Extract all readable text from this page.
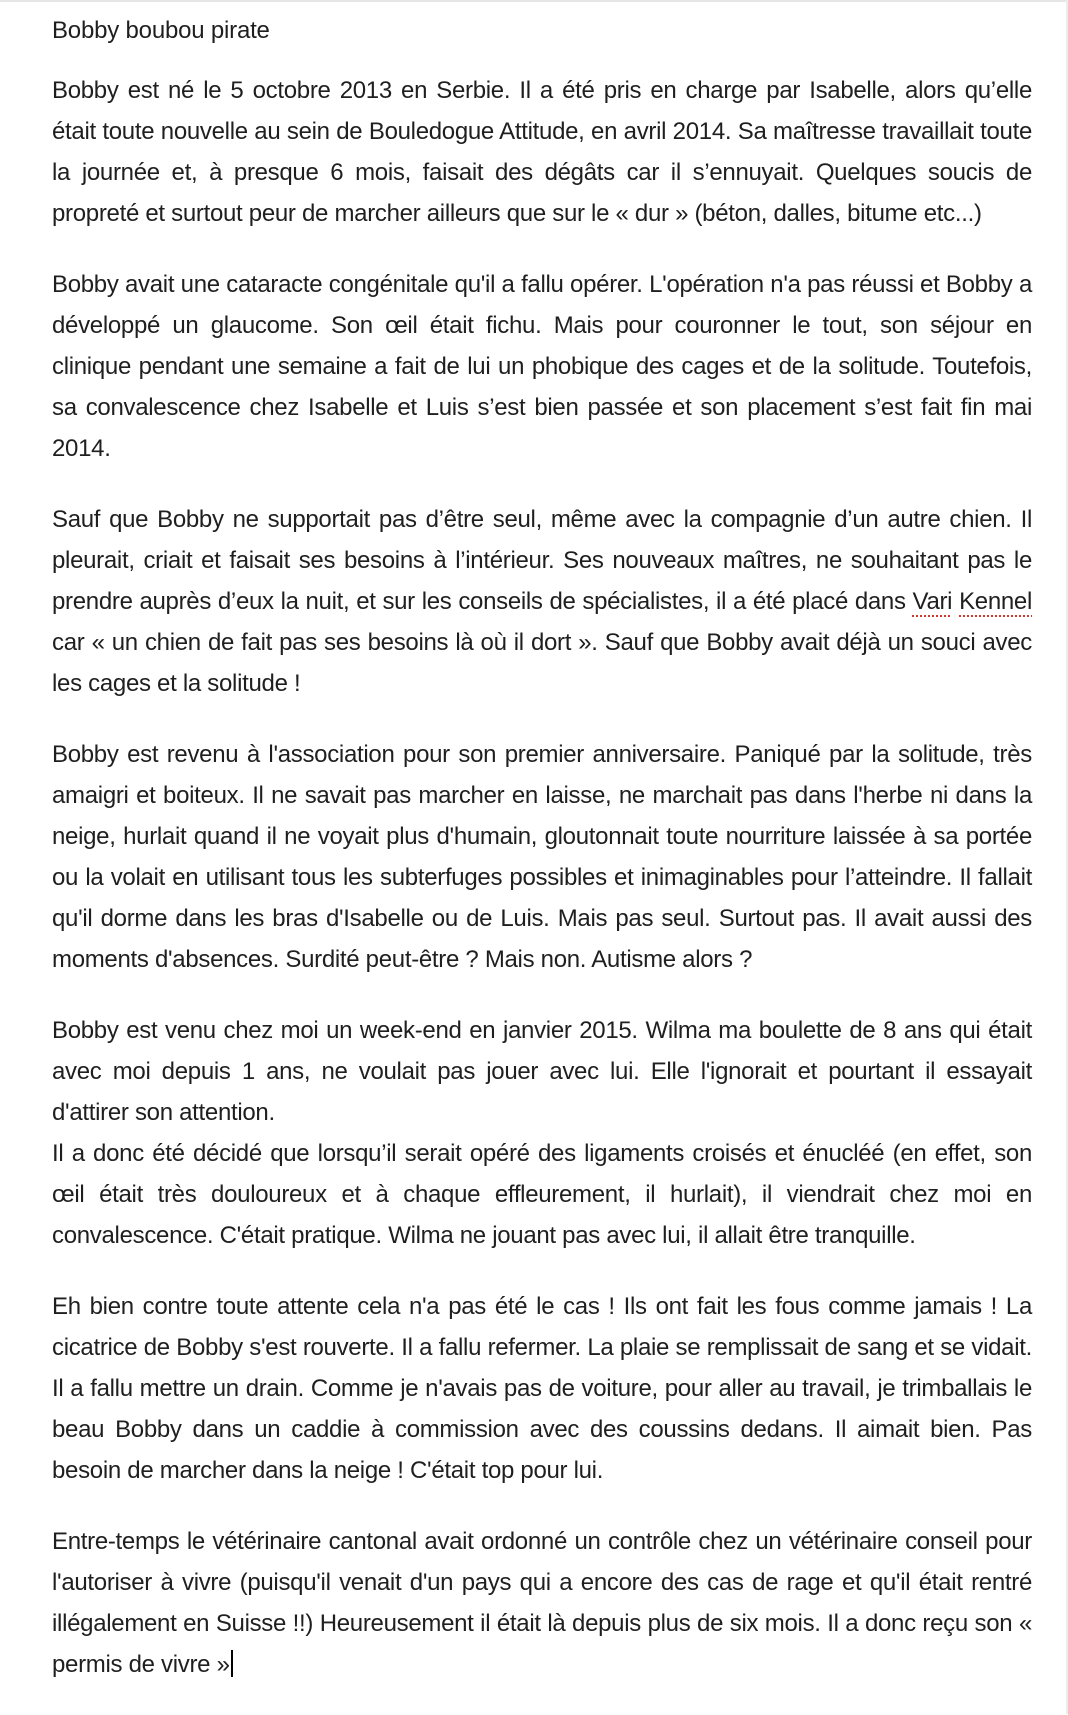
Bobby boubou pirate

Bobby est né le 5 octobre 2013 en Serbie. Il a été pris en charge par Isabelle, alors qu’elle était toute nouvelle au sein de Bouledogue Attitude, en avril 2014. Sa maîtresse travaillait toute la journée et, à presque 6 mois, faisait des dégâts car il s’ennuyait. Quelques soucis de propreté et surtout peur de marcher ailleurs que sur le « dur » (béton, dalles, bitume etc...)

Bobby avait une cataracte congénitale qu'il a fallu opérer. L'opération n'a pas réussi et Bobby a développé un glaucome. Son œil était fichu. Mais pour couronner le tout, son séjour en clinique pendant une semaine a fait de lui un phobique des cages et de la solitude. Toutefois, sa convalescence chez Isabelle et Luis s’est bien passée et son placement s’est fait fin mai 2014.

Sauf que Bobby ne supportait pas d’être seul, même avec la compagnie d’un autre chien. Il pleurait, criait et faisait ses besoins à l’intérieur. Ses nouveaux maîtres, ne souhaitant pas le prendre auprès d’eux la nuit, et sur les conseils de spécialistes, il a été placé dans Vari Kennel car « un chien de fait pas ses besoins là où il dort ». Sauf que Bobby avait déjà un souci avec les cages et la solitude !

Bobby est revenu à l'association pour son premier anniversaire. Paniqué par la solitude, très amaigri et boiteux. Il ne savait pas marcher en laisse, ne marchait pas dans l'herbe ni dans la neige, hurlait quand il ne voyait plus d'humain, gloutonnait toute nourriture laissée à sa portée ou la volait en utilisant tous les subterfuges possibles et inimaginables pour l’atteindre. Il fallait qu'il dorme dans les bras d'Isabelle ou de Luis. Mais pas seul. Surtout pas. Il avait aussi des moments d'absences. Surdité peut-être ? Mais non. Autisme alors ?

Bobby est venu chez moi un week-end en janvier 2015. Wilma ma boulette de 8 ans qui était avec moi depuis 1 ans, ne voulait pas jouer avec lui. Elle l'ignorait et pourtant il essayait d'attirer son attention.

Il a donc été décidé que lorsqu’il serait opéré des ligaments croisés et énucléé (en effet, son œil était très douloureux et à chaque effleurement, il hurlait), il viendrait chez moi en convalescence. C'était pratique. Wilma ne jouant pas avec lui, il allait être tranquille.

Eh bien contre toute attente cela n'a pas été le cas ! Ils ont fait les fous comme jamais ! La cicatrice de Bobby s'est rouverte. Il a fallu refermer. La plaie se remplissait de sang et se vidait. Il a fallu mettre un drain. Comme je n'avais pas de voiture, pour aller au travail, je trimballais le beau Bobby dans un caddie à commission avec des coussins dedans. Il aimait bien. Pas besoin de marcher dans la neige ! C'était top pour lui.

Entre-temps le vétérinaire cantonal avait ordonné un contrôle chez un vétérinaire conseil pour l'autoriser à vivre (puisqu'il venait d'un pays qui a encore des cas de rage et qu'il était rentré illégalement en Suisse !!) Heureusement il était là depuis plus de six mois. Il a donc reçu son « permis de vivre »
